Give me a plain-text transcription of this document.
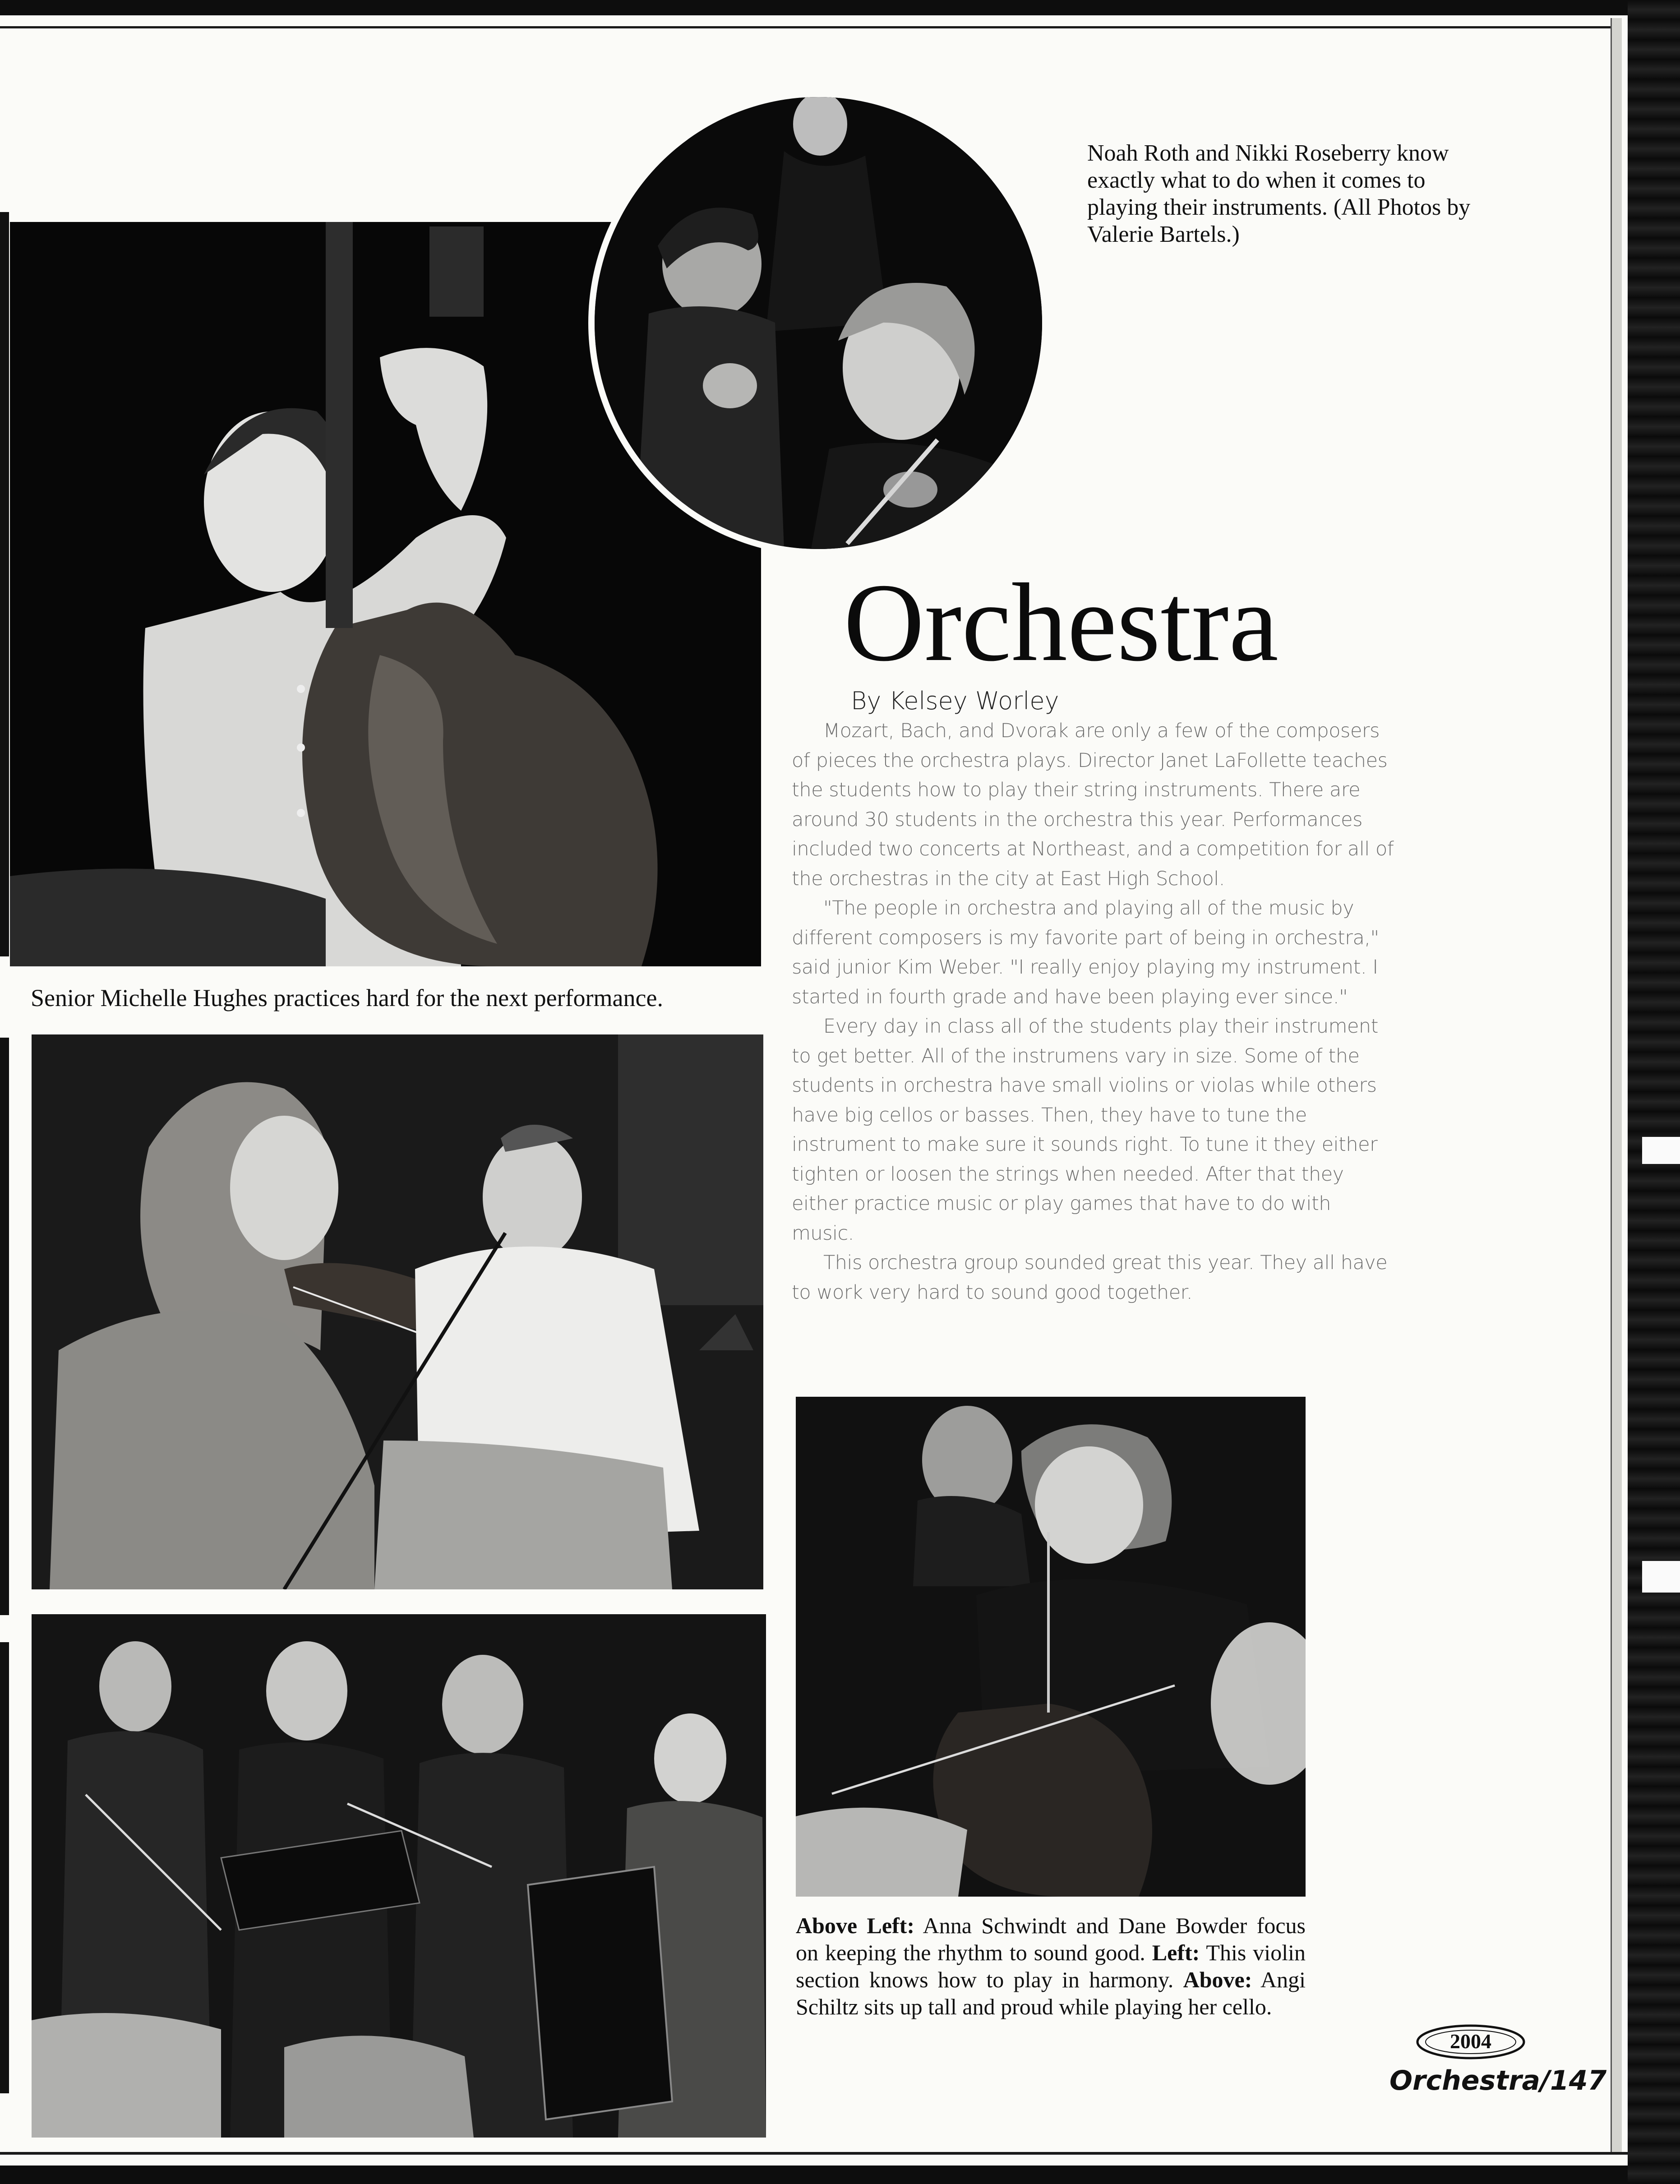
Noah Roth and Nikki Roseberry know exactly what to do when it comes to playing their instruments. (All Photos by Valerie Bartels.)
Senior Michelle Hughes practices hard for the next performance.
Orchestra
By Kelsey Worley

Mozart, Bach, and Dvorak are only a few of the composers of pieces the orchestra plays. Director Janet LaFollette teaches the students how to play their string instruments. There are around 30 students in the orchestra this year. Performances included two concerts at Northeast, and a competition for all of the orchestras in the city at East High School.

"The people in orchestra and playing all of the music by different composers is my favorite part of being in orchestra," said junior Kim Weber. "I really enjoy playing my instrument. I started in fourth grade and have been playing ever since."

Every day in class all of the students play their instrument to get better. All of the instrumens vary in size. Some of the students in orchestra have small violins or violas while others have big cellos or basses. Then, they have to tune the instrument to make sure it sounds right. To tune it they either tighten or loosen the strings when needed. After that they either practice music or play games that have to do with music.

This orchestra group sounded great this year. They all have to work very hard to sound good together.

Above Left: Anna Schwindt and Dane Bowder focus on keeping the rhythm to sound good. Left: This violin section knows how to play in harmony. Above: Angi Schiltz sits up tall and proud while playing her cello.
2004
Orchestra/147
